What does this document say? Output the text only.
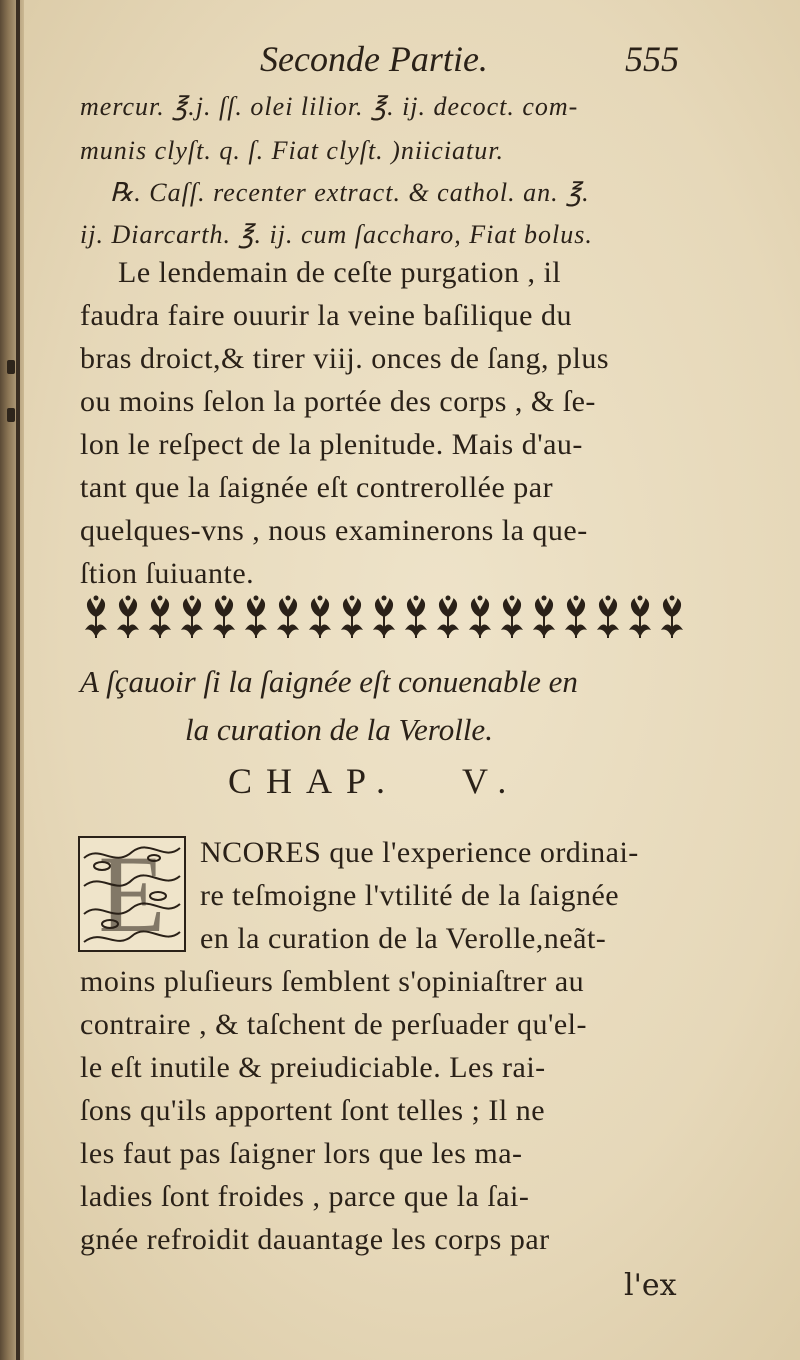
Seconde Partie.	555

mercur. ℥.j. ſſ. olei lilior. ℥. ij. decoct. com-

munis clyſt. q. ſ. Fiat clyſt. )niiciatur.

℞. Caſſ. recenter extract. & cathol. an. ℥.

ij. Diarcarth. ℥. ij. cum ſaccharo, Fiat bolus.

Le lendemain de ceſte purgation , il

faudra faire ouurir la veine baſilique du

bras droict,& tirer viij. onces de ſang, plus

ou moins ſelon la portée des corps , & ſe-

lon le reſpect de la plenitude. Mais d'au-

tant que la ſaignée eſt contrerollée par

quelques-vns , nous examinerons la que-

ſtion ſuiuante.

A ſçauoir ſi la ſaignée eſt conuenable en

la curation de la Verolle.

CHAP. V.
E	NCORES que l'experience ordinai-

re teſmoigne l'vtilité de la ſaignée

en la curation de la Verolle,neãt-

moins pluſieurs ſemblent s'opiniaſtrer au

contraire , & taſchent de perſuader qu'el-

le eſt inutile & preiudiciable. Les rai-

ſons qu'ils apportent ſont telles ; Il ne

les faut pas ſaigner lors que les ma-

ladies ſont froides , parce que la ſai-

gnée refroidit dauantage les corps par

l'ex
